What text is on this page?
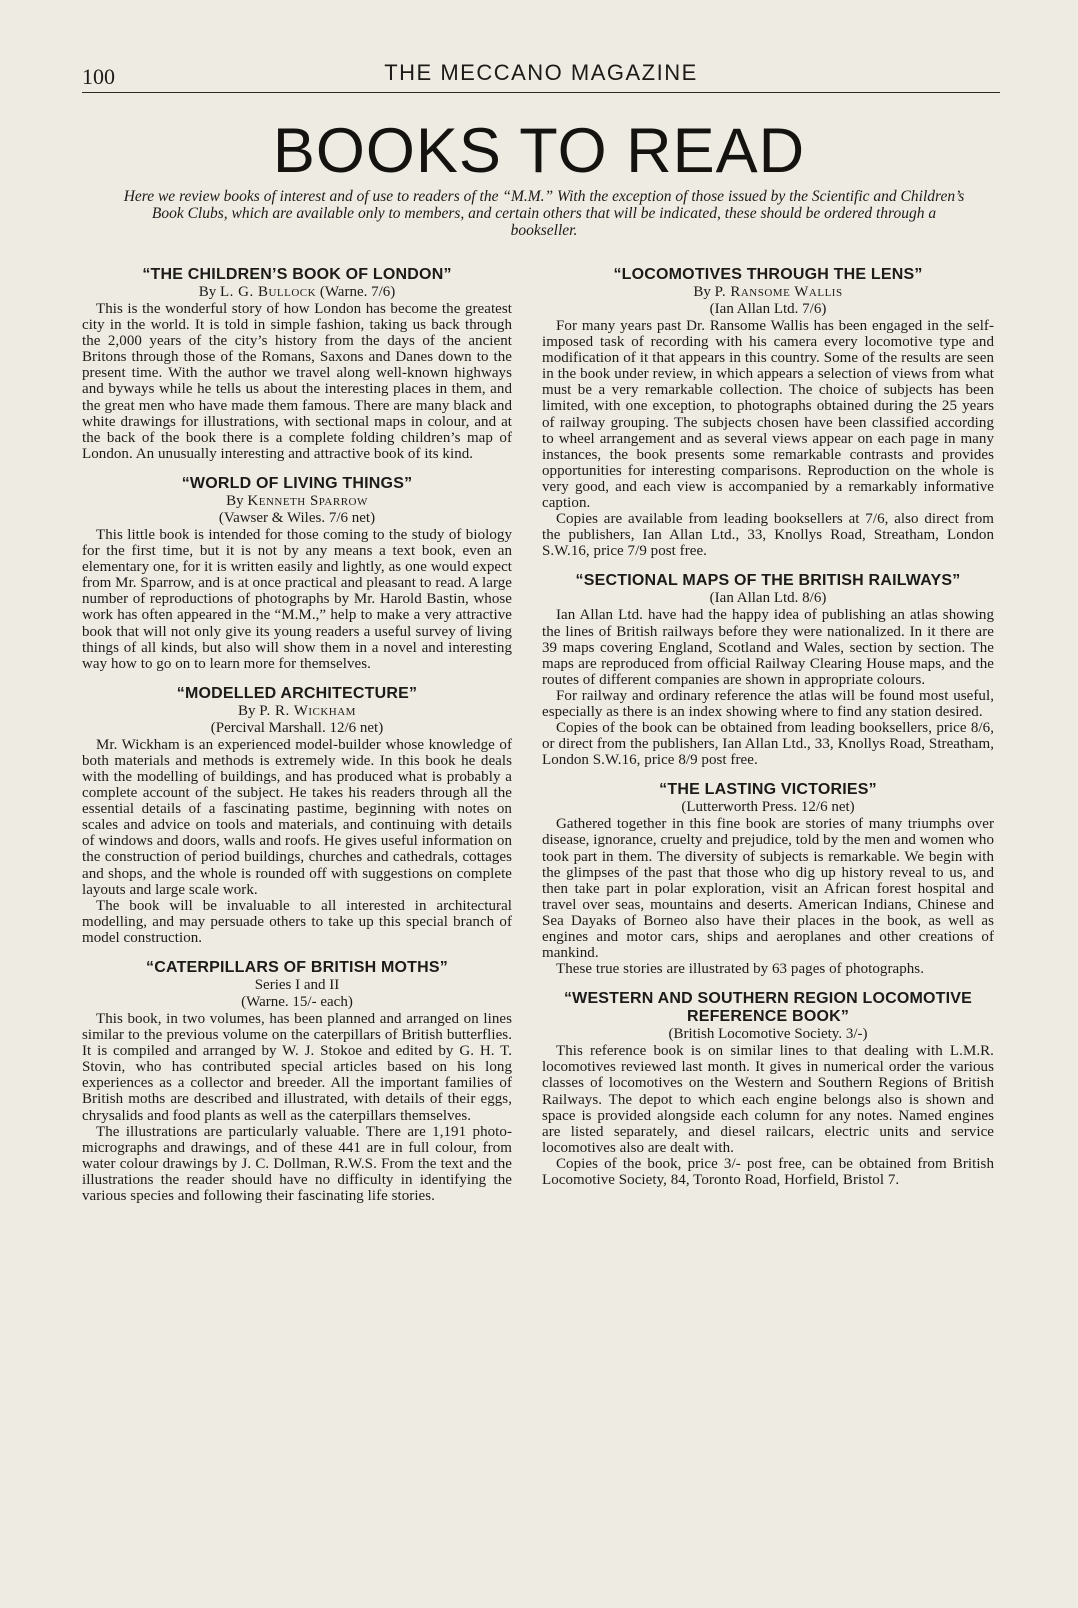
100	THE MECCANO MAGAZINE
BOOKS TO READ
Here we review books of interest and of use to readers of the “M.M.” With the exception of those issued by the Scientific and Children’s Book Clubs, which are available only to members, and certain others that will be indicated, these should be ordered through a bookseller.
“THE CHILDREN’S BOOK OF LONDON”

By L. G. Bullock (Warne. 7/6)

This is the wonderful story of how London has become the greatest city in the world. It is told in simple fashion, taking us back through the 2,000 years of the city’s history from the days of the ancient Britons through those of the Romans, Saxons and Danes down to the present time. With the author we travel along well-known highways and byways while he tells us about the interesting places in them, and the great men who have made them famous. There are many black and white drawings for illustrations, with sectional maps in colour, and at the back of the book there is a complete folding children’s map of London. An unusually interesting and attractive book of its kind.

“WORLD OF LIVING THINGS”

By Kenneth Sparrow

(Vawser & Wiles. 7/6 net)

This little book is intended for those coming to the study of biology for the first time, but it is not by any means a text book, even an elementary one, for it is written easily and lightly, as one would expect from Mr. Sparrow, and is at once practical and pleasant to read. A large number of reproductions of photographs by Mr. Harold Bastin, whose work has often appeared in the “M.M.,” help to make a very attractive book that will not only give its young readers a useful survey of living things of all kinds, but also will show them in a novel and interesting way how to go on to learn more for themselves.

“MODELLED ARCHITECTURE”

By P. R. Wickham

(Percival Marshall. 12/6 net)

Mr. Wickham is an experienced model-builder whose knowledge of both materials and methods is extremely wide. In this book he deals with the modelling of buildings, and has produced what is probably a complete account of the subject. He takes his readers through all the essential details of a fascinating pastime, beginning with notes on scales and advice on tools and materials, and continuing with details of windows and doors, walls and roofs. He gives useful information on the construction of period buildings, churches and cathedrals, cottages and shops, and the whole is rounded off with suggestions on complete layouts and large scale work.

The book will be invaluable to all interested in architectural modelling, and may persuade others to take up this special branch of model construction.

“CATERPILLARS OF BRITISH MOTHS”

Series I and II

(Warne. 15/- each)

This book, in two volumes, has been planned and arranged on lines similar to the previous volume on the caterpillars of British butterflies. It is compiled and arranged by W. J. Stokoe and edited by G. H. T. Stovin, who has contributed special articles based on his long experiences as a collector and breeder. All the important families of British moths are described and illustrated, with details of their eggs, chrysalids and food plants as well as the caterpillars themselves.

The illustrations are particularly valuable. There are 1,191 photo-micrographs and drawings, and of these 441 are in full colour, from water colour drawings by J. C. Dollman, R.W.S. From the text and the illustrations the reader should have no difficulty in identifying the various species and following their fascinating life stories.

“LOCOMOTIVES THROUGH THE LENS”

By P. Ransome Wallis

(Ian Allan Ltd. 7/6)

For many years past Dr. Ransome Wallis has been engaged in the self-imposed task of recording with his camera every locomotive type and modification of it that appears in this country. Some of the results are seen in the book under review, in which appears a selection of views from what must be a very remarkable collection. The choice of subjects has been limited, with one exception, to photographs obtained during the 25 years of railway grouping. The subjects chosen have been classified according to wheel arrangement and as several views appear on each page in many instances, the book presents some remarkable contrasts and provides opportunities for interesting comparisons. Reproduction on the whole is very good, and each view is accompanied by a remarkably informative caption.

Copies are available from leading booksellers at 7/6, also direct from the publishers, Ian Allan Ltd., 33, Knollys Road, Streatham, London S.W.16, price 7/9 post free.

“SECTIONAL MAPS OF THE BRITISH RAILWAYS”

(Ian Allan Ltd. 8/6)

Ian Allan Ltd. have had the happy idea of publishing an atlas showing the lines of British railways before they were nationalized. In it there are 39 maps covering England, Scotland and Wales, section by section. The maps are reproduced from official Railway Clearing House maps, and the routes of different companies are shown in appropriate colours.

For railway and ordinary reference the atlas will be found most useful, especially as there is an index showing where to find any station desired.

Copies of the book can be obtained from leading booksellers, price 8/6, or direct from the publishers, Ian Allan Ltd., 33, Knollys Road, Streatham, London S.W.16, price 8/9 post free.

“THE LASTING VICTORIES”

(Lutterworth Press. 12/6 net)

Gathered together in this fine book are stories of many triumphs over disease, ignorance, cruelty and prejudice, told by the men and women who took part in them. The diversity of subjects is remarkable. We begin with the glimpses of the past that those who dig up history reveal to us, and then take part in polar exploration, visit an African forest hospital and travel over seas, mountains and deserts. American Indians, Chinese and Sea Dayaks of Borneo also have their places in the book, as well as engines and motor cars, ships and aeroplanes and other creations of mankind.

These true stories are illustrated by 63 pages of photographs.

“WESTERN AND SOUTHERN REGION LOCOMOTIVE REFERENCE BOOK”

(British Locomotive Society. 3/-)

This reference book is on similar lines to that dealing with L.M.R. locomotives reviewed last month. It gives in numerical order the various classes of locomotives on the Western and Southern Regions of British Railways. The depot to which each engine belongs also is shown and space is provided alongside each column for any notes. Named engines are listed separately, and diesel railcars, electric units and service locomotives also are dealt with.

Copies of the book, price 3/- post free, can be obtained from British Locomotive Society, 84, Toronto Road, Horfield, Bristol 7.
